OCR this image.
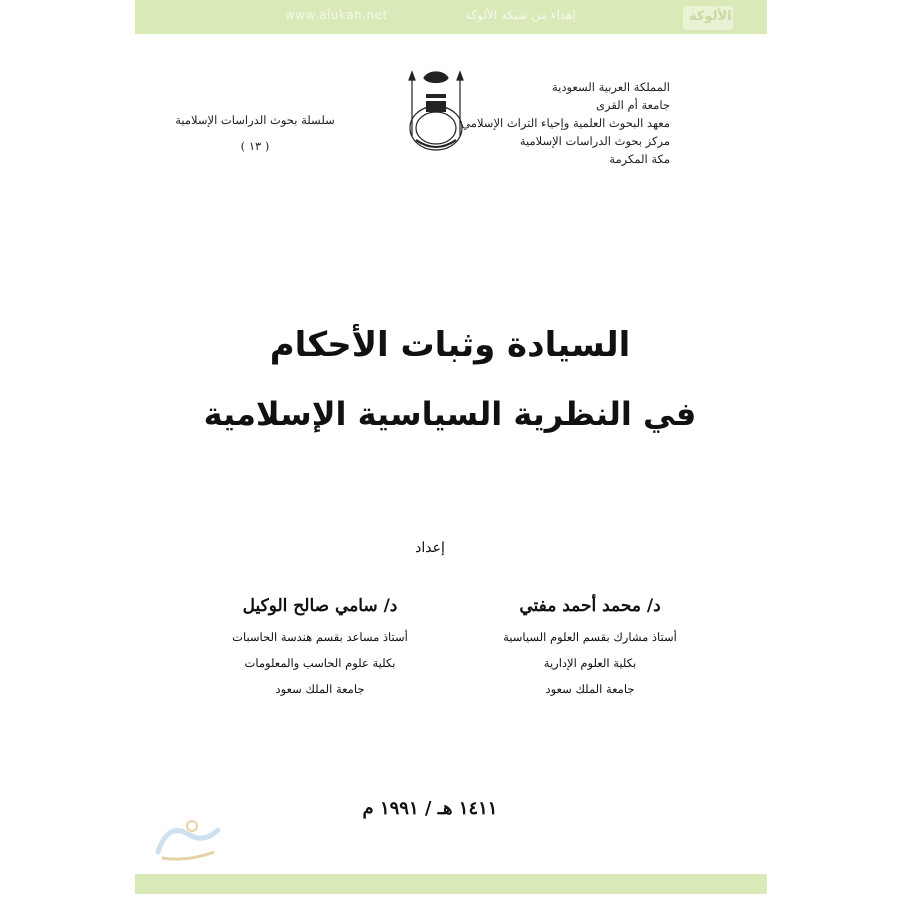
www.alukah.net	إهداء من شبكة الألوكة	الألوكة
المملكة العربية السعودية
جامعة أم القرى
معهد البحوث العلمية وإحياء التراث الإسلامي
مركز بحوث الدراسات الإسلامية
مكة المكرمة
سلسلة بحوث الدراسات الإسلامية
( ١٣ )
السيادة وثبات الأحكام
في النظرية السياسية الإسلامية
إعداد
د/ محمد أحمد مفتي
أستاذ مشارك بقسم العلوم السياسية
بكلية العلوم الإدارية
جامعة الملك سعود
د/ سامي صالح الوكيل
أستاذ مساعد بقسم هندسة الحاسبات
بكلية علوم الحاسب والمعلومات
جامعة الملك سعود
١٤١١ هـ / ١٩٩١ م
